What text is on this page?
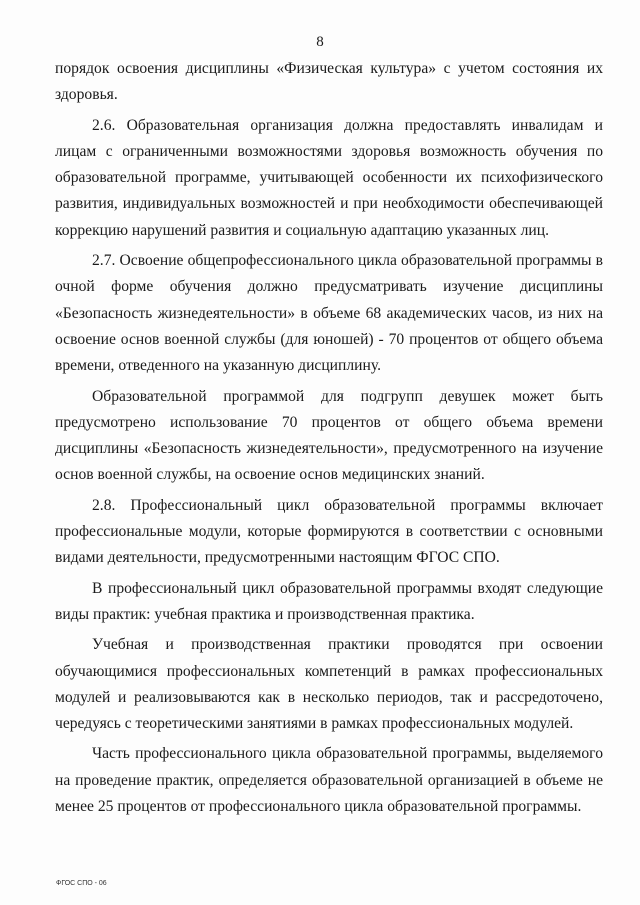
8

порядок освоения дисциплины «Физическая культура» с учетом состояния их здоровья.

2.6. Образовательная организация должна предоставлять инвалидам и лицам с ограниченными возможностями здоровья возможность обучения по образовательной программе, учитывающей особенности их психофизического развития, индивидуальных возможностей и при необходимости обеспечивающей коррекцию нарушений развития и социальную адаптацию указанных лиц.

2.7. Освоение общепрофессионального цикла образовательной программы в очной форме обучения должно предусматривать изучение дисциплины «Безопасность жизнедеятельности» в объеме 68 академических часов, из них на освоение основ военной службы (для юношей) - 70 процентов от общего объема времени, отведенного на указанную дисциплину.

Образовательной программой для подгрупп девушек может быть предусмотрено использование 70 процентов от общего объема времени дисциплины «Безопасность жизнедеятельности», предусмотренного на изучение основ военной службы, на освоение основ медицинских знаний.

2.8. Профессиональный цикл образовательной программы включает профессиональные модули, которые формируются в соответствии с основными видами деятельности, предусмотренными настоящим ФГОС СПО.

В профессиональный цикл образовательной программы входят следующие виды практик: учебная практика и производственная практика.

Учебная и производственная практики проводятся при освоении обучающимися профессиональных компетенций в рамках профессиональных модулей и реализовываются как в несколько периодов, так и рассредоточено, чередуясь с теоретическими занятиями в рамках профессиональных модулей.

Часть профессионального цикла образовательной программы, выделяемого на проведение практик, определяется образовательной организацией в объеме не менее 25 процентов от профессионального цикла образовательной программы.

ФГОС СПО - 06
